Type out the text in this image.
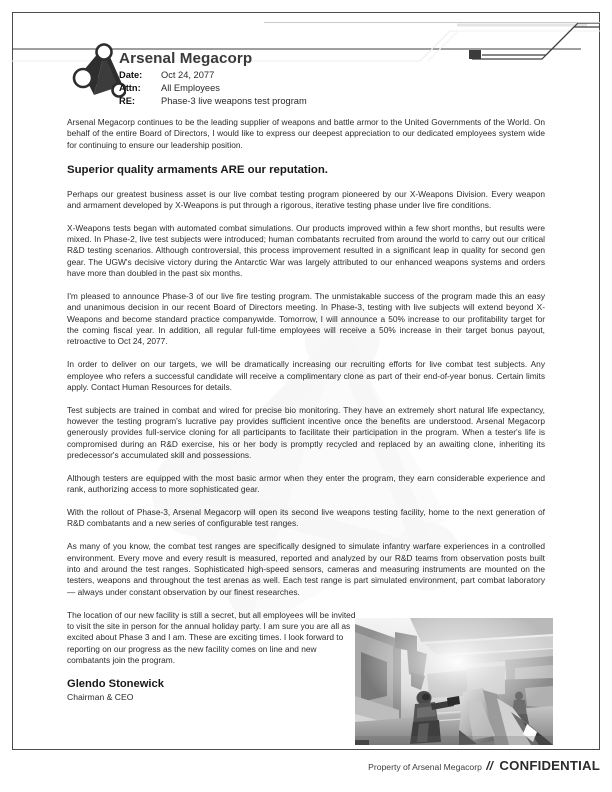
Arsenal Megacorp
Date: Oct 24, 2077
Attn: All Employees
RE:	Phase-3 live weapons test program

Arsenal Megacorp continues to be the leading supplier of weapons and battle armor to the United Governments of the World. On behalf of the entire Board of Directors, I would like to express our deepest appreciation to our dedicated employees system wide for continuing to ensure our leadership position.

Superior quality armaments ARE our reputation.

Perhaps our greatest business asset is our live combat testing program pioneered by our X-Weapons Division. Every weapon and armament developed by X-Weapons is put through a rigorous, iterative testing phase under live fire conditions.

X-Weapons tests began with automated combat simulations. Our products improved within a few short months, but results were mixed. In Phase-2, live test subjects were introduced; human combatants recruited from around the world to carry out our critical R&D testing scenarios. Although controversial, this process improvement resulted in a significant leap in quality for second gen gear. The UGW's decisive victory during the Antarctic War was largely attributed to our enhanced weapons systems and orders have more than doubled in the past six months.

I'm pleased to announce Phase-3 of our live fire testing program. The unmistakable success of the program made this an easy and unanimous decision in our recent Board of Directors meeting. In Phase-3, testing with live subjects will extend beyond X-Weapons and become standard practice companywide. Tomorrow, I will announce a 50% increase to our profitability target for the coming fiscal year. In addition, all regular full-time employees will receive a 50% increase in their target bonus payout, retroactive to Oct 24, 2077.

In order to deliver on our targets, we will be dramatically increasing our recruiting efforts for live combat test subjects. Any employee who refers a successful candidate will receive a complimentary clone as part of their end-of-year bonus. Certain limits apply. Contact Human Resources for details.

Test subjects are trained in combat and wired for precise bio monitoring. They have an extremely short natural life expectancy, however the testing program's lucrative pay provides sufficient incentive once the benefits are understood. Arsenal Megacorp generously provides full-service cloning for all participants to facilitate their participation in the program. When a tester's life is compromised during an R&D exercise, his or her body is promptly recycled and replaced by an awaiting clone, inheriting its predecessor's accumulated skill and possessions.

Although testers are equipped with the most basic armor when they enter the program, they earn considerable experience and rank, authorizing access to more sophisticated gear.

With the rollout of Phase-3, Arsenal Megacorp will open its second live weapons testing facility, home to the next generation of R&D combatants and a new series of configurable test ranges.

As many of you know, the combat test ranges are specifically designed to simulate infantry warfare experiences in a controlled environment. Every move and every result is measured, reported and analyzed by our R&D teams from observation posts built into and around the test ranges. Sophisticated high-speed sensors, cameras and measuring instruments are mounted on the testers, weapons and throughout the test arenas as well. Each test range is part simulated environment, part combat laboratory — always under constant observation by our finest researches.

The location of our new facility is still a secret, but all employees will be invited to visit the site in person for the annual holiday party. I am sure you are all as excited about Phase 3 and I am. These are exciting times. I look forward to reporting on our progress as the new facility comes on line and new combatants join the program.

Glendo Stonewick
Chairman & CEO
Property of Arsenal Megacorp // CONFIDENTIAL
